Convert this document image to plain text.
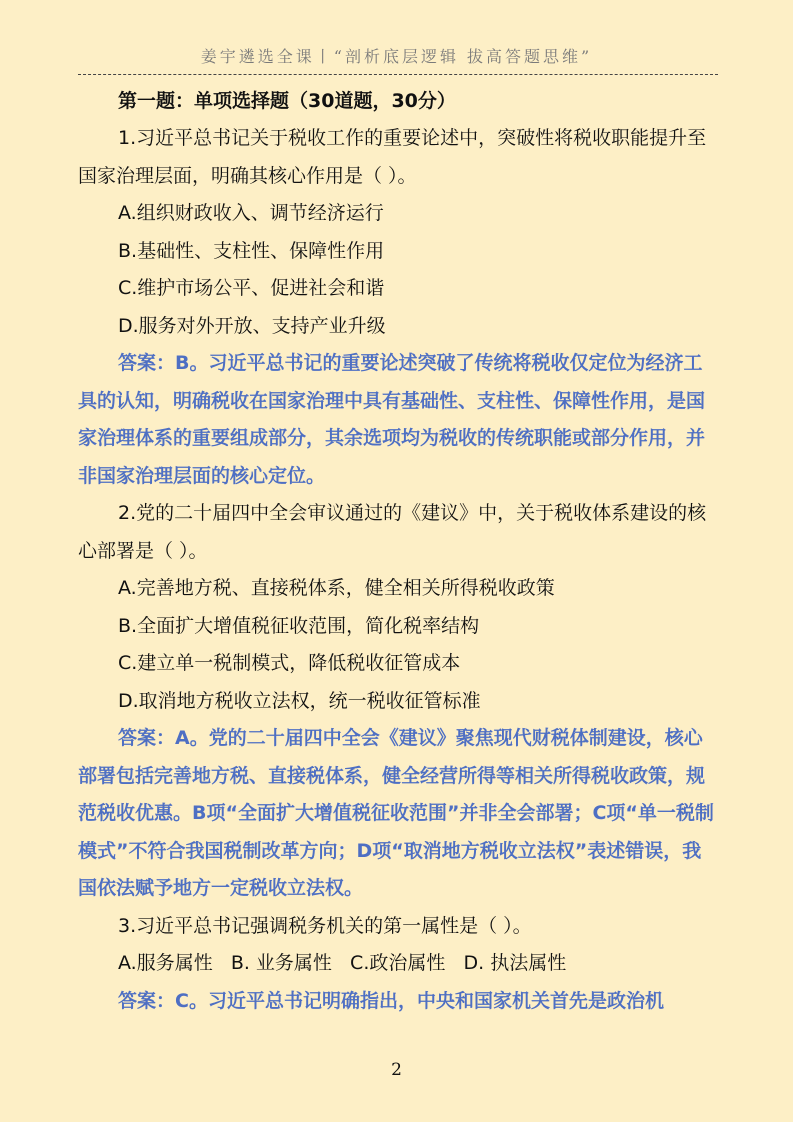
姜宇遴选全课丨“剖析底层逻辑 拔高答题思维”

第一题：单项选择题（30道题，30分）

1.习近平总书记关于税收工作的重要论述中，突破性将税收职能提升至国家治理层面，明确其核心作用是（ ）。

A.组织财政收入、调节经济运行

B.基础性、支柱性、保障性作用

C.维护市场公平、促进社会和谐

D.服务对外开放、支持产业升级

答案：B。习近平总书记的重要论述突破了传统将税收仅定位为经济工具的认知，明确税收在国家治理中具有基础性、支柱性、保障性作用，是国家治理体系的重要组成部分，其余选项均为税收的传统职能或部分作用，并非国家治理层面的核心定位。

2.党的二十届四中全会审议通过的《建议》中，关于税收体系建设的核心部署是（ ）。

A.完善地方税、直接税体系，健全相关所得税收政策

B.全面扩大增值税征收范围，简化税率结构

C.建立单一税制模式，降低税收征管成本

D.取消地方税收立法权，统一税收征管标准

答案：A。党的二十届四中全会《建议》聚焦现代财税体制建设，核心部署包括完善地方税、直接税体系，健全经营所得等相关所得税收政策，规范税收优惠。B项“全面扩大增值税征收范围”并非全会部署；C项“单一税制模式”不符合我国税制改革方向；D项“取消地方税收立法权”表述错误，我国依法赋予地方一定税收立法权。

3.习近平总书记强调税务机关的第一属性是（ ）。

A.服务属性   B. 业务属性   C.政治属性   D. 执法属性

答案：C。习近平总书记明确指出，中央和国家机关首先是政治机

2
